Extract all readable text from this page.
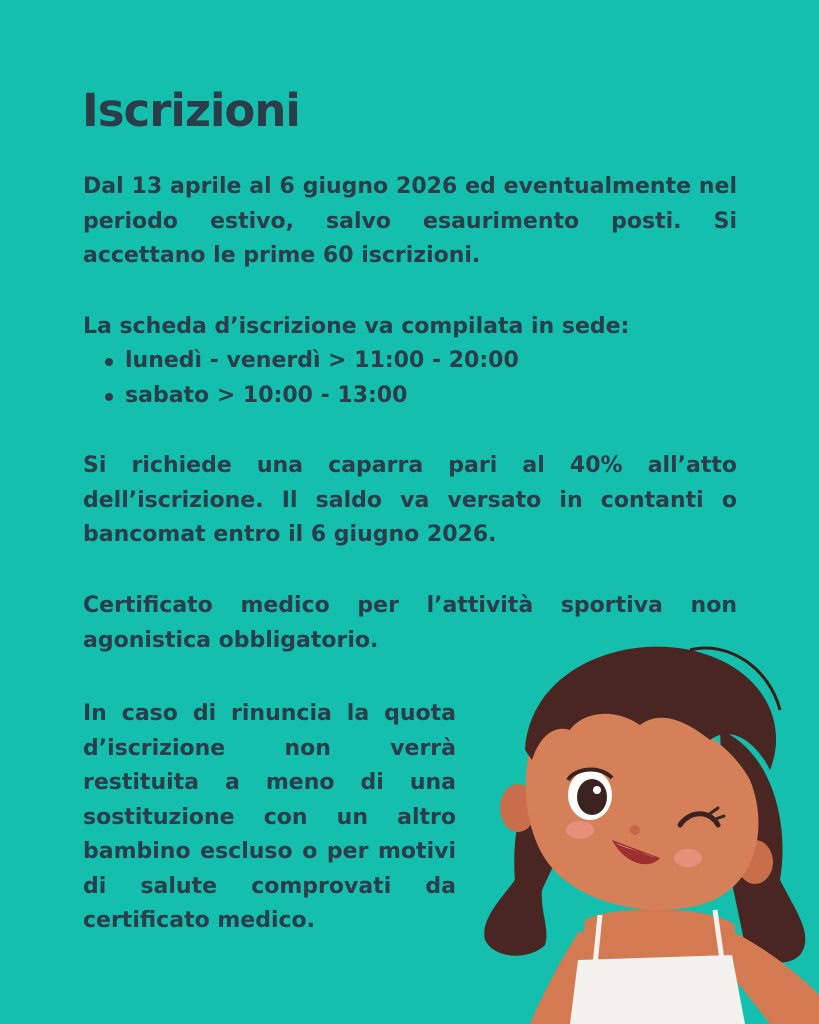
Iscrizioni

Dal 13 aprile al 6 giugno 2026 ed eventualmente nel periodo estivo, salvo esaurimento posti. Si accettano le prime 60 iscrizioni.

La scheda d’iscrizione va compilata in sede:

lunedì - venerdì > 11:00 - 20:00
sabato > 10:00 - 13:00

Si richiede una caparra pari al 40% all’atto dell’iscrizione. Il saldo va versato in contanti o bancomat entro il 6 giugno 2026.

Certificato medico per l’attività sportiva non agonistica obbligatorio.

In caso di rinuncia la quota d’iscrizione non verrà restituita a meno di una sostituzione con un altro bambino escluso o per motivi di salute comprovati da certificato medico.
